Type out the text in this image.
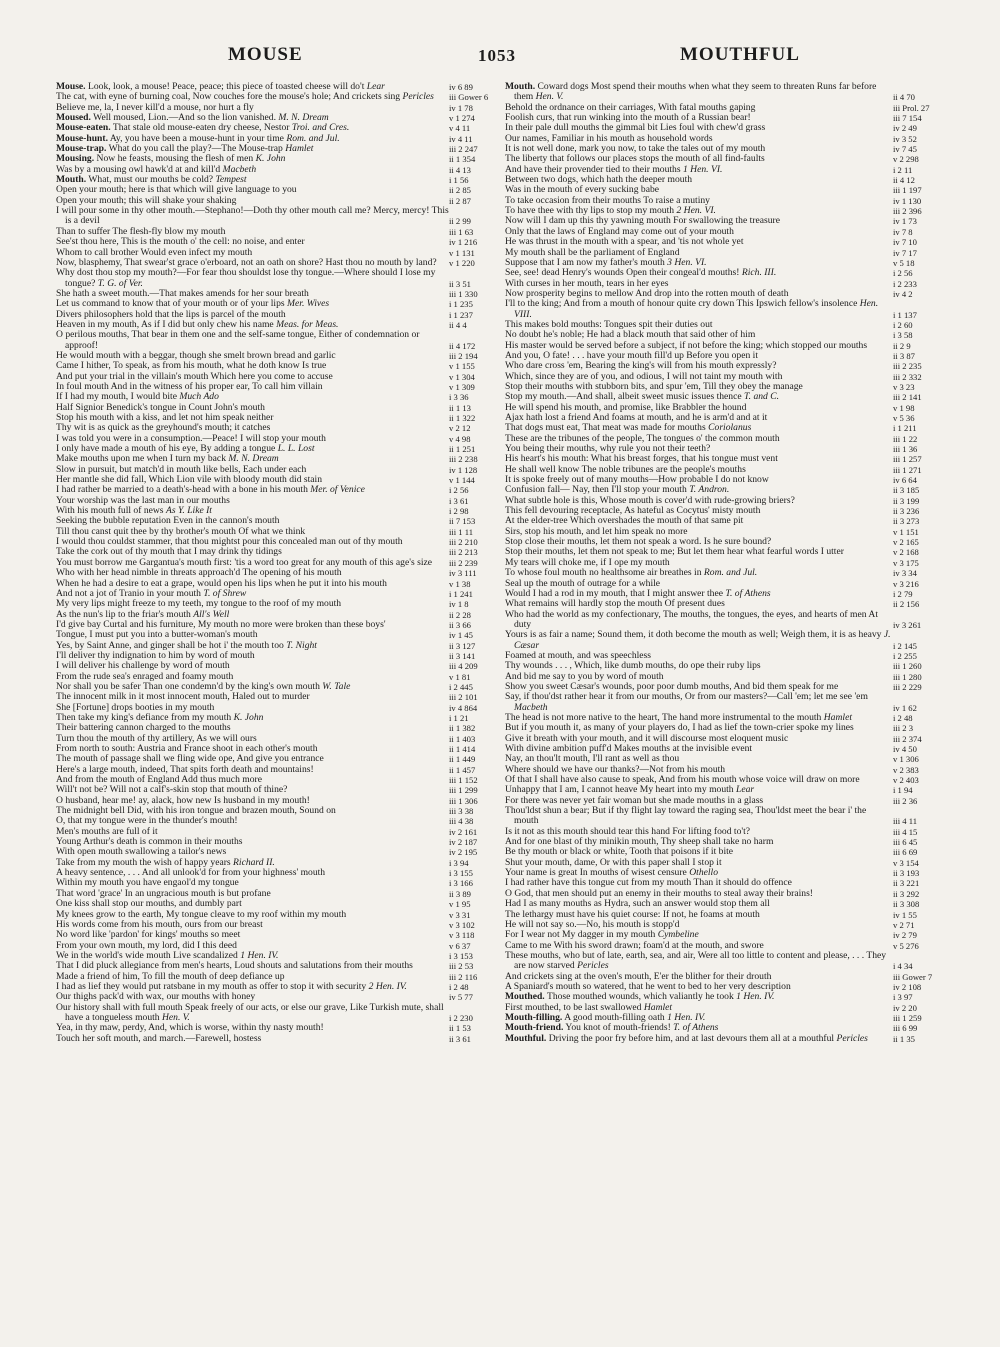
MOUSE	1053	MOUTHFUL

Mouse. Look, look, a mouse! Peace, peace; this piece of toasted cheese will do't Lear	iv 6 89

The cat, with eyne of burning coal, Now couches fore the mouse's hole; And crickets sing Pericles	iii Gower 6

Believe me, la, I never kill'd a mouse, nor hurt a fly	iv 1 78

Moused. Well moused, Lion.—And so the lion vanished. M. N. Dream	v 1 274

Mouse-eaten. That stale old mouse-eaten dry cheese, Nestor Troi. and Cres.	v 4 11

Mouse-hunt. Ay, you have been a mouse-hunt in your time Rom. and Jul.	iv 4 11

Mouse-trap. What do you call the play?—The Mouse-trap Hamlet	iii 2 247

Mousing. Now he feasts, mousing the flesh of men K. John	ii 1 354

Was by a mousing owl hawk'd at and kill'd Macbeth	ii 4 13

Mouth. What, must our mouths be cold? Tempest	i 1 56

Open your mouth; here is that which will give language to you	ii 2 85

Open your mouth; this will shake your shaking	ii 2 87

I will pour some in thy other mouth.—Stephano!—Doth thy other mouth call me? Mercy, mercy! This is a devil	ii 2 99

Than to suffer The flesh-fly blow my mouth	iii 1 63

See'st thou here, This is the mouth o' the cell: no noise, and enter	iv 1 216

Whom to call brother Would even infect my mouth	v 1 131

Now, blasphemy, That swear'st grace o'erboard, not an oath on shore? Hast thou no mouth by land?	v 1 220

Why dost thou stop my mouth?—For fear thou shouldst lose thy tongue.—Where should I lose my tongue? T. G. of Ver.	ii 3 51

She hath a sweet mouth.—That makes amends for her sour breath	iii 1 330

Let us command to know that of your mouth or of your lips Mer. Wives	i 1 235

Divers philosophers hold that the lips is parcel of the mouth	i 1 237

Heaven in my mouth, As if I did but only chew his name Meas. for Meas.	ii 4 4

O perilous mouths, That bear in them one and the self-same tongue, Either of condemnation or approof!	ii 4 172

He would mouth with a beggar, though she smelt brown bread and garlic	iii 2 194

Came I hither, To speak, as from his mouth, what he doth know Is true	v 1 155

And put your trial in the villain's mouth Which here you come to accuse	v 1 304

In foul mouth And in the witness of his proper ear, To call him villain	v 1 309

If I had my mouth, I would bite Much Ado	i 3 36

Half Signior Benedick's tongue in Count John's mouth	ii 1 13

Stop his mouth with a kiss, and let not him speak neither	ii 1 322

Thy wit is as quick as the greyhound's mouth; it catches	v 2 12

I was told you were in a consumption.—Peace! I will stop your mouth	v 4 98

I only have made a mouth of his eye, By adding a tongue L. L. Lost	ii 1 251

Make mouths upon me when I turn my back M. N. Dream	iii 2 238

Slow in pursuit, but match'd in mouth like bells, Each under each	iv 1 128

Her mantle she did fall, Which Lion vile with bloody mouth did stain	v 1 144

I had rather be married to a death's-head with a bone in his mouth Mer. of Venice	i 2 56

Your worship was the last man in our mouths	i 3 61

With his mouth full of news As Y. Like It	i 2 98

Seeking the bubble reputation Even in the cannon's mouth	ii 7 153

Till thou canst quit thee by thy brother's mouth Of what we think	iii 1 11

I would thou couldst stammer, that thou mightst pour this concealed man out of thy mouth	iii 2 210

Take the cork out of thy mouth that I may drink thy tidings	iii 2 213

You must borrow me Gargantua's mouth first: 'tis a word too great for any mouth of this age's size	iii 2 239

Who with her head nimble in threats approach'd The opening of his mouth	iv 3 111

When he had a desire to eat a grape, would open his lips when he put it into his mouth	v 1 38

And not a jot of Tranio in your mouth T. of Shrew	i 1 241

My very lips might freeze to my teeth, my tongue to the roof of my mouth	iv 1 8

As the nun's lip to the friar's mouth All's Well	ii 2 28

I'd give bay Curtal and his furniture, My mouth no more were broken than these boys'	ii 3 66

Tongue, I must put you into a butter-woman's mouth	iv 1 45

Yes, by Saint Anne, and ginger shall be hot i' the mouth too T. Night	ii 3 127

I'll deliver thy indignation to him by word of mouth	ii 3 141

I will deliver his challenge by word of mouth	iii 4 209

From the rude sea's enraged and foamy mouth	v 1 81

Nor shall you be safer Than one condemn'd by the king's own mouth W. Tale	i 2 445

The innocent milk in it most innocent mouth, Haled out to murder	iii 2 101

She [Fortune] drops booties in my mouth	iv 4 864

Then take my king's defiance from my mouth K. John	i 1 21

Their battering cannon charged to the mouths	ii 1 382

Turn thou the mouth of thy artillery, As we will ours	ii 1 403

From north to south: Austria and France shoot in each other's mouth	ii 1 414

The mouth of passage shall we fling wide ope, And give you entrance	ii 1 449

Here's a large mouth, indeed, That spits forth death and mountains!	ii 1 457

And from the mouth of England Add thus much more	iii 1 152

Will't not be? Will not a calf's-skin stop that mouth of thine?	iii 1 299

O husband, hear me! ay, alack, how new Is husband in my mouth!	iii 1 306

The midnight bell Did, with his iron tongue and brazen mouth, Sound on	iii 3 38

O, that my tongue were in the thunder's mouth!	iii 4 38

Men's mouths are full of it	iv 2 161

Young Arthur's death is common in their mouths	iv 2 187

With open mouth swallowing a tailor's news	iv 2 195

Take from my mouth the wish of happy years Richard II.	i 3 94

A heavy sentence, . . . And all unlook'd for from your highness' mouth	i 3 155

Within my mouth you have engaol'd my tongue	i 3 166

That word 'grace' In an ungracious mouth is but profane	ii 3 89

One kiss shall stop our mouths, and dumbly part	v 1 95

My knees grow to the earth, My tongue cleave to my roof within my mouth	v 3 31

His words come from his mouth, ours from our breast	v 3 102

No word like 'pardon' for kings' mouths so meet	v 3 118

From your own mouth, my lord, did I this deed	v 6 37

We in the world's wide mouth Live scandalized 1 Hen. IV.	i 3 153

That I did pluck allegiance from men's hearts, Loud shouts and salutations from their mouths	iii 2 53

Made a friend of him, To fill the mouth of deep defiance up	iii 2 116

I had as lief they would put ratsbane in my mouth as offer to stop it with security 2 Hen. IV.	i 2 48

Our thighs pack'd with wax, our mouths with honey	iv 5 77

Our history shall with full mouth Speak freely of our acts, or else our grave, Like Turkish mute, shall have a tongueless mouth Hen. V.	i 2 230

Yea, in thy maw, perdy, And, which is worse, within thy nasty mouth!	ii 1 53

Touch her soft mouth, and march.—Farewell, hostess	ii 3 61

Mouth. Coward dogs Most spend their mouths when what they seem to threaten Runs far before them Hen. V.	ii 4 70

Behold the ordnance on their carriages, With fatal mouths gaping	iii Prol. 27

Foolish curs, that run winking into the mouth of a Russian bear!	iii 7 154

In their pale dull mouths the gimmal bit Lies foul with chew'd grass	iv 2 49

Our names, Familiar in his mouth as household words	iv 3 52

It is not well done, mark you now, to take the tales out of my mouth	iv 7 45

The liberty that follows our places stops the mouth of all find-faults	v 2 298

And have their provender tied to their mouths 1 Hen. VI.	i 2 11

Between two dogs, which hath the deeper mouth	ii 4 12

Was in the mouth of every sucking babe	iii 1 197

To take occasion from their mouths To raise a mutiny	iv 1 130

To have thee with thy lips to stop my mouth 2 Hen. VI.	iii 2 396

Now will I dam up this thy yawning mouth For swallowing the treasure	iv 1 73

Only that the laws of England may come out of your mouth	iv 7 8

He was thrust in the mouth with a spear, and 'tis not whole yet	iv 7 10

My mouth shall be the parliament of England	iv 7 17

Suppose that I am now my father's mouth 3 Hen. VI.	v 5 18

See, see! dead Henry's wounds Open their congeal'd mouths! Rich. III.	i 2 56

With curses in her mouth, tears in her eyes	i 2 233

Now prosperity begins to mellow And drop into the rotten mouth of death	iv 4 2

I'll to the king; And from a mouth of honour quite cry down This Ipswich fellow's insolence Hen. VIII.	i 1 137

This makes bold mouths: Tongues spit their duties out	i 2 60

No doubt he's noble; He had a black mouth that said other of him	i 3 58

His master would be served before a subject, if not before the king; which stopped our mouths	ii 2 9

And you, O fate! . . . have your mouth fill'd up Before you open it	ii 3 87

Who dare cross 'em, Bearing the king's will from his mouth expressly?	iii 2 235

Which, since they are of you, and odious, I will not taint my mouth with	iii 2 332

Stop their mouths with stubborn bits, and spur 'em, Till they obey the manage	v 3 23

Stop my mouth.—And shall, albeit sweet music issues thence T. and C.	iii 2 141

He will spend his mouth, and promise, like Brabbler the hound	v 1 98

Ajax hath lost a friend And foams at mouth, and he is arm'd and at it	v 5 36

That dogs must eat, That meat was made for mouths Coriolanus	i 1 211

These are the tribunes of the people, The tongues o' the common mouth	iii 1 22

You being their mouths, why rule you not their teeth?	iii 1 36

His heart's his mouth: What his breast forges, that his tongue must vent	iii 1 257

He shall well know The noble tribunes are the people's mouths	iii 1 271

It is spoke freely out of many mouths—How probable I do not know	iv 6 64

Confusion fall— Nay, then I'll stop your mouth T. Andron.	ii 3 185

What subtle hole is this, Whose mouth is cover'd with rude-growing briers?	ii 3 199

This fell devouring receptacle, As hateful as Cocytus' misty mouth	ii 3 236

At the elder-tree Which overshades the mouth of that same pit	ii 3 273

Sirs, stop his mouth, and let him speak no more	v 1 151

Stop close their mouths, let them not speak a word. Is he sure bound?	v 2 165

Stop their mouths, let them not speak to me; But let them hear what fearful words I utter	v 2 168

My tears will choke me, if I ope my mouth	v 3 175

To whose foul mouth no healthsome air breathes in Rom. and Jul.	iv 3 34

Seal up the mouth of outrage for a while	v 3 216

Would I had a rod in my mouth, that I might answer thee T. of Athens	i 2 79

What remains will hardly stop the mouth Of present dues	ii 2 156

Who had the world as my confectionary, The mouths, the tongues, the eyes, and hearts of men At duty	iv 3 261

Yours is as fair a name; Sound them, it doth become the mouth as well; Weigh them, it is as heavy J. Cæsar	i 2 145

Foamed at mouth, and was speechless	i 2 255

Thy wounds . . . , Which, like dumb mouths, do ope their ruby lips	iii 1 260

And bid me say to you by word of mouth	iii 1 280

Show you sweet Cæsar's wounds, poor poor dumb mouths, And bid them speak for me	iii 2 229

Say, if thou'dst rather hear it from our mouths, Or from our masters?—Call 'em; let me see 'em Macbeth	iv 1 62

The head is not more native to the heart, The hand more instrumental to the mouth Hamlet	i 2 48

But if you mouth it, as many of your players do, I had as lief the town-crier spoke my lines	iii 2 3

Give it breath with your mouth, and it will discourse most eloquent music	iii 2 374

With divine ambition puff'd Makes mouths at the invisible event	iv 4 50

Nay, an thou'lt mouth, I'll rant as well as thou	v 1 306

Where should we have our thanks?—Not from his mouth	v 2 383

Of that I shall have also cause to speak, And from his mouth whose voice will draw on more	v 2 403

Unhappy that I am, I cannot heave My heart into my mouth Lear	i 1 94

For there was never yet fair woman but she made mouths in a glass	iii 2 36

Thou'ldst shun a bear; But if thy flight lay toward the raging sea, Thou'ldst meet the bear i' the mouth	iii 4 11

Is it not as this mouth should tear this hand For lifting food to't?	iii 4 15

And for one blast of thy minikin mouth, Thy sheep shall take no harm	iii 6 45

Be thy mouth or black or white, Tooth that poisons if it bite	iii 6 69

Shut your mouth, dame, Or with this paper shall I stop it	v 3 154

Your name is great In mouths of wisest censure Othello	ii 3 193

I had rather have this tongue cut from my mouth Than it should do offence	ii 3 221

O God, that men should put an enemy in their mouths to steal away their brains!	ii 3 292

Had I as many mouths as Hydra, such an answer would stop them all	ii 3 308

The lethargy must have his quiet course: If not, he foams at mouth	iv 1 55

He will not say so.—No, his mouth is stopp'd	v 2 71

For I wear not My dagger in my mouth Cymbeline	iv 2 79

Came to me With his sword drawn; foam'd at the mouth, and swore	v 5 276

These mouths, who but of late, earth, sea, and air, Were all too little to content and please, . . . They are now starved Pericles	i 4 34

And crickets sing at the oven's mouth, E'er the blither for their drouth	iii Gower 7

A Spaniard's mouth so watered, that he went to bed to her very description	iv 2 108

Mouthed. Those mouthed wounds, which valiantly he took 1 Hen. IV.	i 3 97

First mouthed, to be last swallowed Hamlet	iv 2 20

Mouth-filling. A good mouth-filling oath 1 Hen. IV.	iii 1 259

Mouth-friend. You knot of mouth-friends! T. of Athens	iii 6 99

Mouthful. Driving the poor fry before him, and at last devours them all at a mouthful Pericles	ii 1 35
